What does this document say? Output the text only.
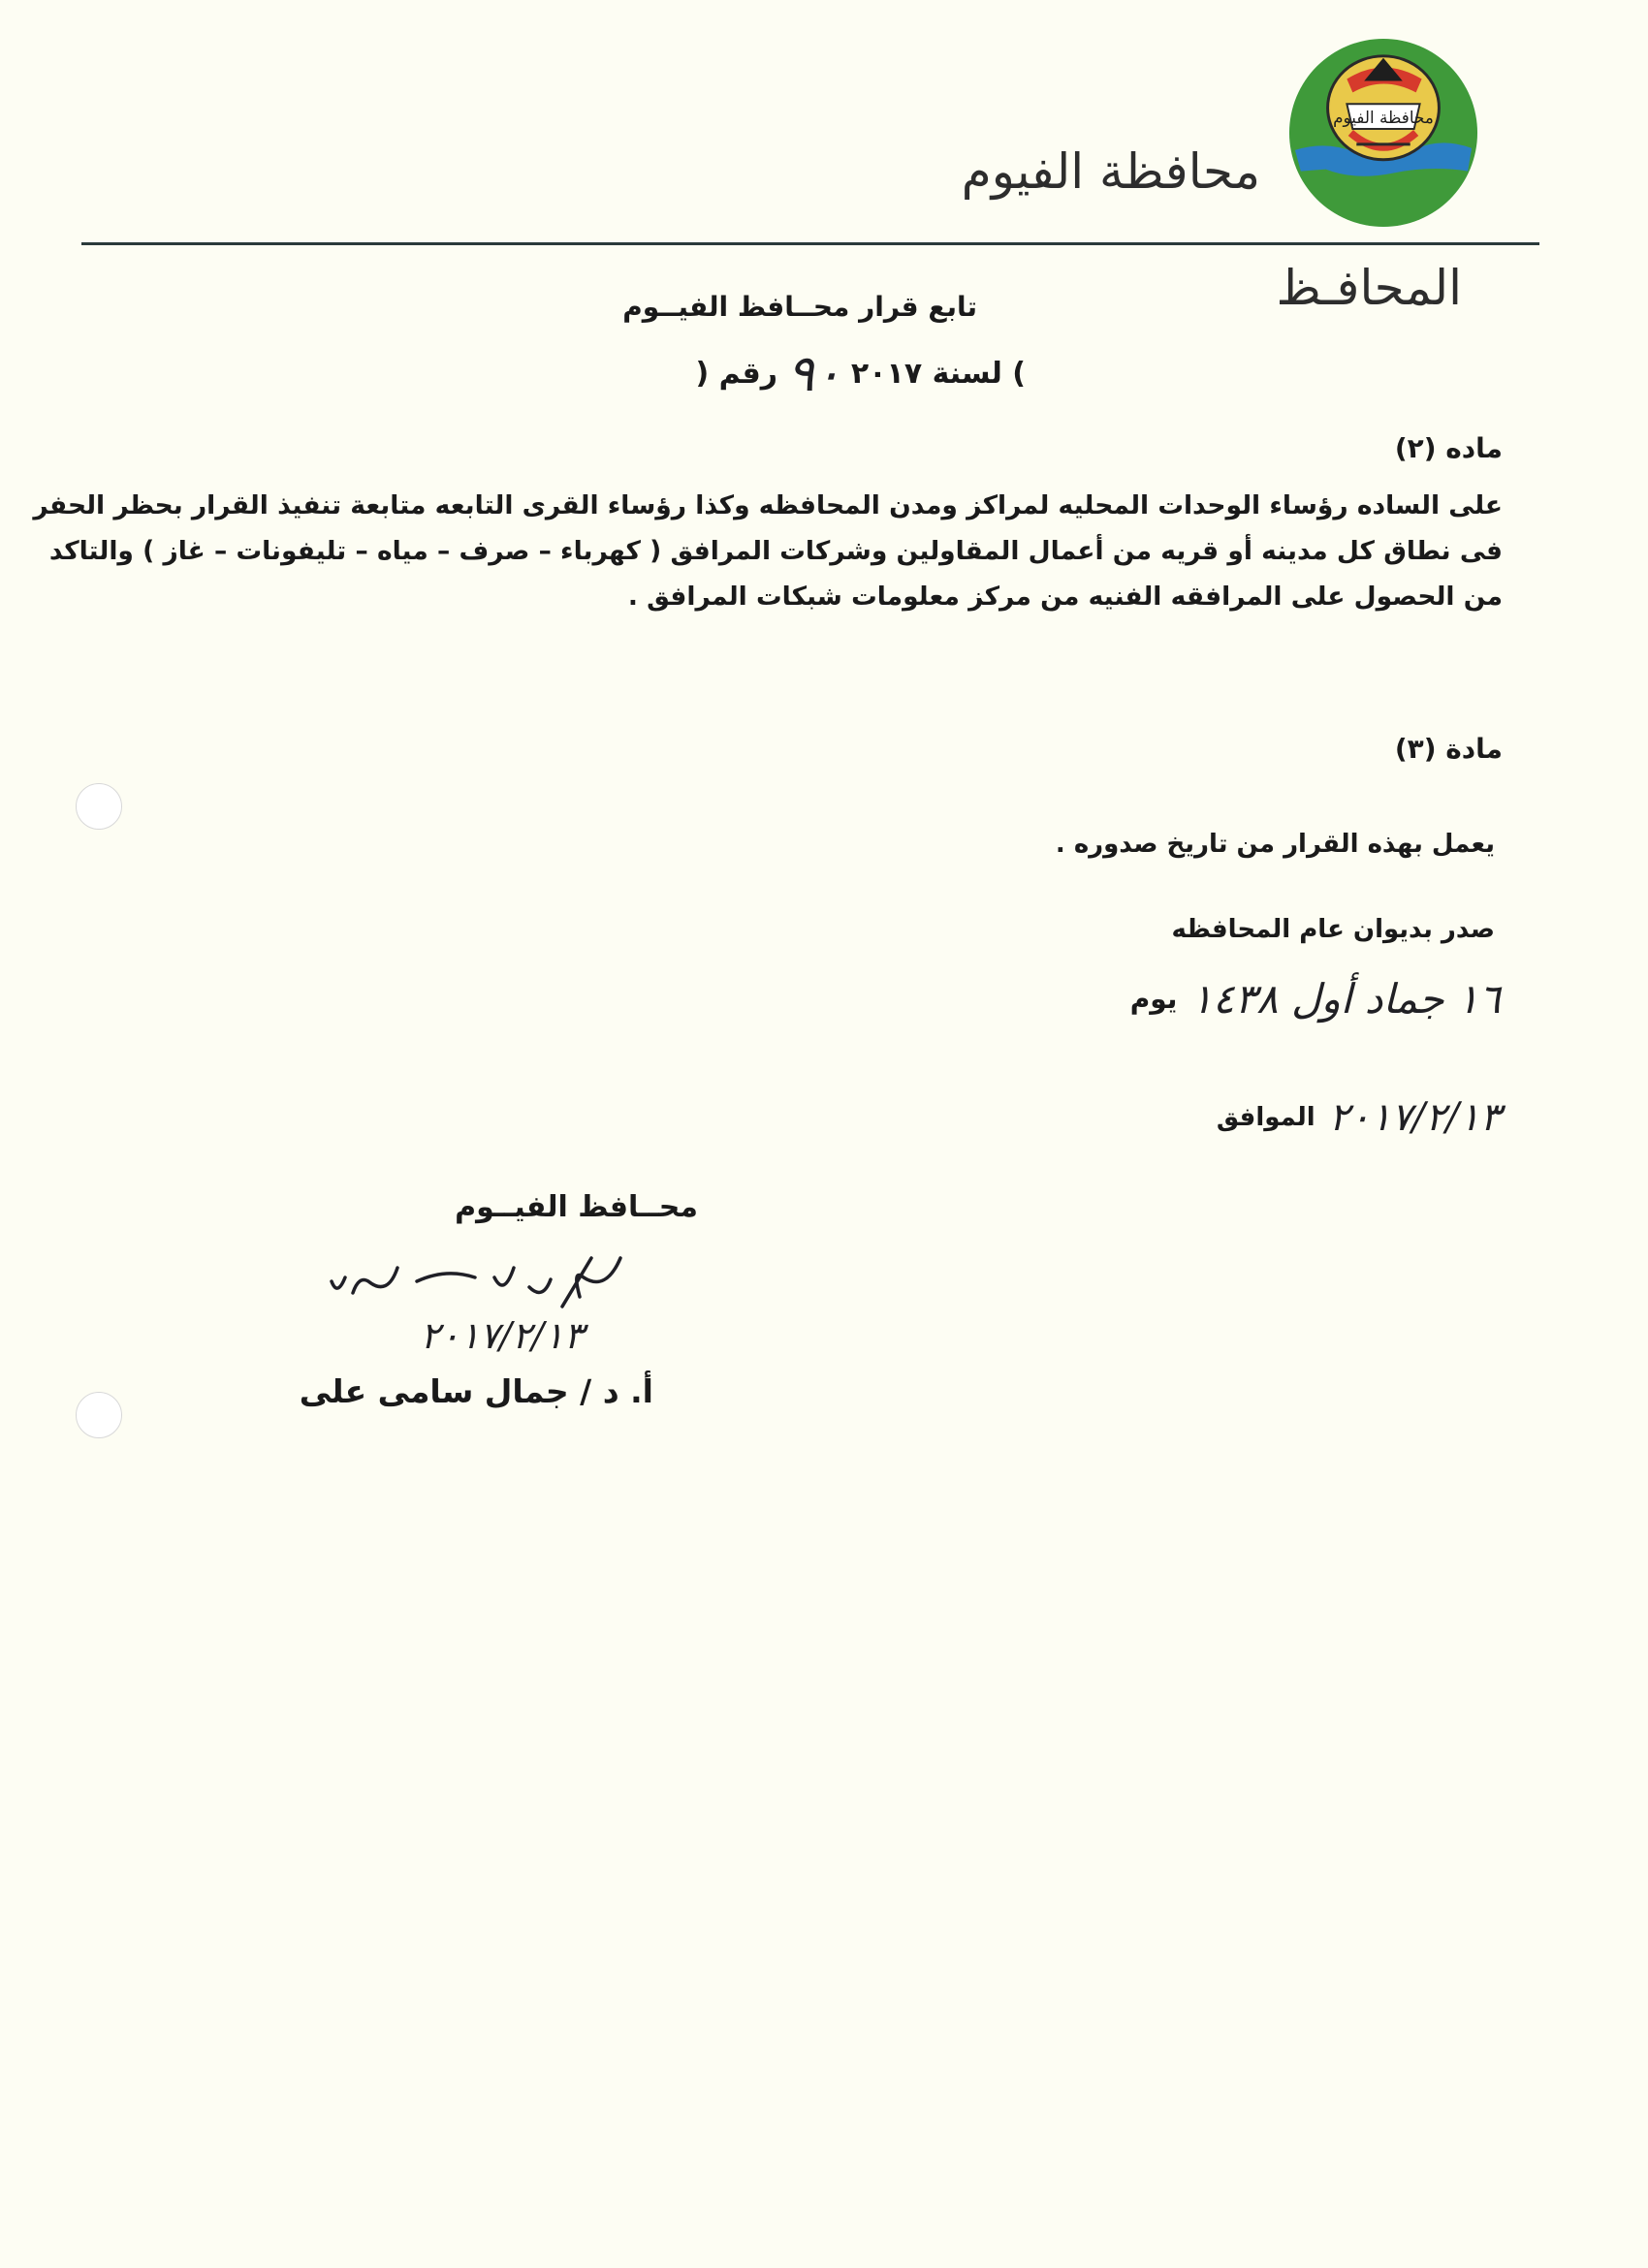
محافظة الفيوم
محافظة الفيوم
المحافـظ
تابع قرار محــافظ الفيــوم
رقم ( ٩٠ ) لسنة ٢٠١٧
ماده (٢)
على الساده رؤساء الوحدات المحليه لمراكز ومدن المحافظه وكذا رؤساء القرى التابعه متابعة تنفيذ القرار بحظر الحفر
فى نطاق كل مدينه أو قريه من أعمال المقاولين وشركات المرافق ( كهرباء – صرف – مياه – تليفونات – غاز ) والتاكد
من الحصول على المرافقه الفنيه من مركز معلومات شبكات المرافق .
مادة (٣)
يعمل بهذه القرار من تاريخ صدوره .
صدر بديوان عام المحافظه
يوم ١٦ جماد أول ١٤٣٨
الموافق ٢٠١٧/٢/١٣
محــافظ الفيــوم
٢٠١٧/٢/١٣
أ. د / جمال سامى على
